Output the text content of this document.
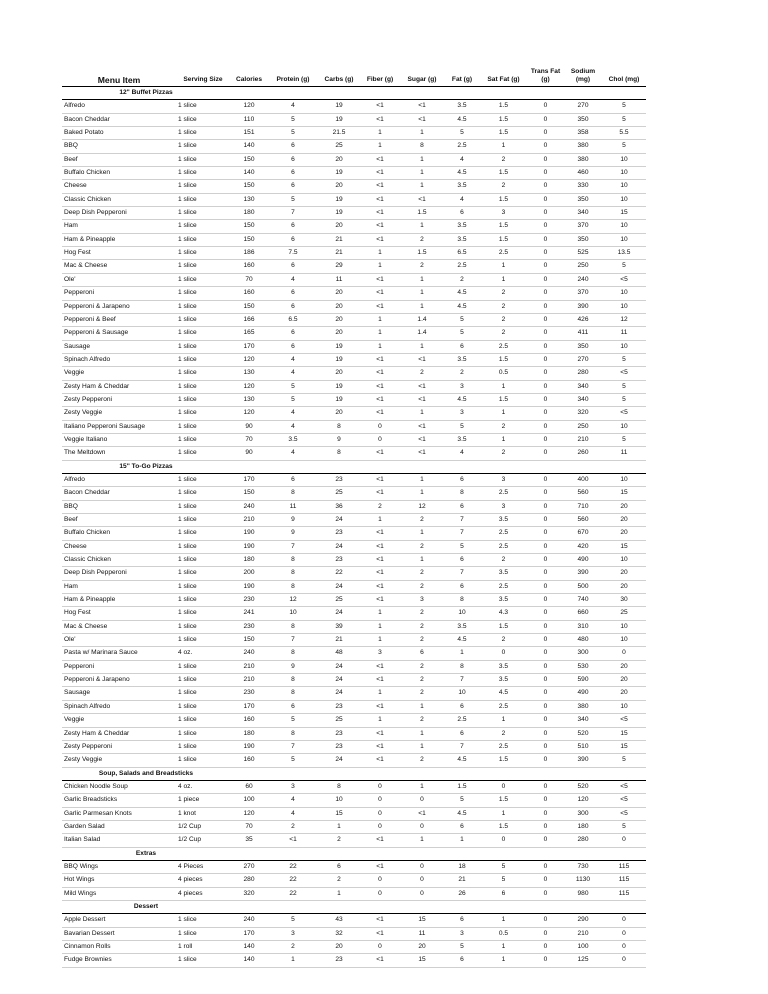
Menu Item	Serving Size	Calories	Protein (g)	Carbs (g)	Fiber (g)	Sugar (g)	Fat (g)	Sat Fat (g)	Trans Fat (g)	Sodium (mg)	Chol (mg)
12" Buffet Pizzas											
Alfredo	1 slice	120	4	19	<1	<1	3.5	1.5	0	270	5
Bacon Cheddar	1 slice	110	5	19	<1	<1	4.5	1.5	0	350	5
Baked Potato	1 slice	151	5	21.5	1	1	5	1.5	0	358	5.5
BBQ	1 slice	140	6	25	1	8	2.5	1	0	380	5
Beef	1 slice	150	6	20	<1	1	4	2	0	380	10
Buffalo Chicken	1 slice	140	6	19	<1	1	4.5	1.5	0	460	10
Cheese	1 slice	150	6	20	<1	1	3.5	2	0	330	10
Classic Chicken	1 slice	130	5	19	<1	<1	4	1.5	0	350	10
Deep Dish Pepperoni	1 slice	180	7	19	<1	1.5	6	3	0	340	15
Ham	1 slice	150	6	20	<1	1	3.5	1.5	0	370	10
Ham & Pineapple	1 slice	150	6	21	<1	2	3.5	1.5	0	350	10
Hog Fest	1 slice	186	7.5	21	1	1.5	6.5	2.5	0	525	13.5
Mac & Cheese	1 slice	160	6	29	1	2	2.5	1	0	250	5
Ole'	1 slice	70	4	11	<1	1	2	1	0	240	<5
Pepperoni	1 slice	160	6	20	<1	1	4.5	2	0	370	10
Pepperoni & Jarapeno	1 slice	150	6	20	<1	1	4.5	2	0	390	10
Pepperoni & Beef	1 slice	166	6.5	20	1	1.4	5	2	0	426	12
Pepperoni & Sausage	1 slice	165	6	20	1	1.4	5	2	0	411	11
Sausage	1 slice	170	6	19	1	1	6	2.5	0	350	10
Spinach Alfredo	1 slice	120	4	19	<1	<1	3.5	1.5	0	270	5
Veggie	1 slice	130	4	20	<1	2	2	0.5	0	280	<5
Zesty Ham & Cheddar	1 slice	120	5	19	<1	<1	3	1	0	340	5
Zesty Pepperoni	1 slice	130	5	19	<1	<1	4.5	1.5	0	340	5
Zesty Veggie	1 slice	120	4	20	<1	1	3	1	0	320	<5
Italiano Pepperoni Sausage	1 slice	90	4	8	0	<1	5	2	0	250	10
Veggie Italiano	1 slice	70	3.5	9	0	<1	3.5	1	0	210	5
The Meltdown	1 slice	90	4	8	<1	<1	4	2	0	260	11
15" To-Go Pizzas											
Alfredo	1 slice	170	6	23	<1	1	6	3	0	400	10
Bacon Cheddar	1 slice	150	8	25	<1	1	8	2.5	0	560	15
BBQ	1 slice	240	11	36	2	12	6	3	0	710	20
Beef	1 slice	210	9	24	1	2	7	3.5	0	560	20
Buffalo Chicken	1 slice	190	9	23	<1	1	7	2.5	0	670	20
Cheese	1 slice	190	7	24	<1	2	5	2.5	0	420	15
Classic Chicken	1 slice	180	8	23	<1	1	6	2	0	490	10
Deep Dish Pepperoni	1 slice	200	8	22	<1	2	7	3.5	0	390	20
Ham	1 slice	190	8	24	<1	2	6	2.5	0	500	20
Ham & Pineapple	1 slice	230	12	25	<1	3	8	3.5	0	740	30
Hog Fest	1 slice	241	10	24	1	2	10	4.3	0	660	25
Mac & Cheese	1 slice	230	8	39	1	2	3.5	1.5	0	310	10
Ole'	1 slice	150	7	21	1	2	4.5	2	0	480	10
Pasta w/ Marinara Sauce	4 oz.	240	8	48	3	6	1	0	0	300	0
Pepperoni	1 slice	210	9	24	<1	2	8	3.5	0	530	20
Pepperoni & Jarapeno	1 slice	210	8	24	<1	2	7	3.5	0	590	20
Sausage	1 slice	230	8	24	1	2	10	4.5	0	490	20
Spinach Alfredo	1 slice	170	6	23	<1	1	6	2.5	0	380	10
Veggie	1 slice	160	5	25	1	2	2.5	1	0	340	<5
Zesty Ham & Cheddar	1 slice	180	8	23	<1	1	6	2	0	520	15
Zesty Pepperoni	1 slice	190	7	23	<1	1	7	2.5	0	510	15
Zesty Veggie	1 slice	160	5	24	<1	2	4.5	1.5	0	390	5
Soup, Salads and Breadsticks											
Chicken Noodle Soup	4 oz.	60	3	8	0	1	1.5	0	0	520	<5
Garlic Breadsticks	1 piece	100	4	10	0	0	5	1.5	0	120	<5
Garlic Parmesan Knots	1 knot	120	4	15	0	<1	4.5	1	0	300	<5
Garden Salad	1/2 Cup	70	2	1	0	0	6	1.5	0	180	5
Italian Salad	1/2 Cup	35	<1	2	<1	1	1	0	0	280	0
Extras											
BBQ Wings	4 Pieces	270	22	6	<1	0	18	5	0	730	115
Hot Wings	4 pieces	280	22	2	0	0	21	5	0	1130	115
Mild Wings	4 pieces	320	22	1	0	0	26	6	0	980	115
Dessert											
Apple Dessert	1 slice	240	5	43	<1	15	6	1	0	290	0
Bavarian Dessert	1 slice	170	3	32	<1	11	3	0.5	0	210	0
Cinnamon Rolls	1 roll	140	2	20	0	20	5	1	0	100	0
Fudge Brownies	1 slice	140	1	23	<1	15	6	1	0	125	0
